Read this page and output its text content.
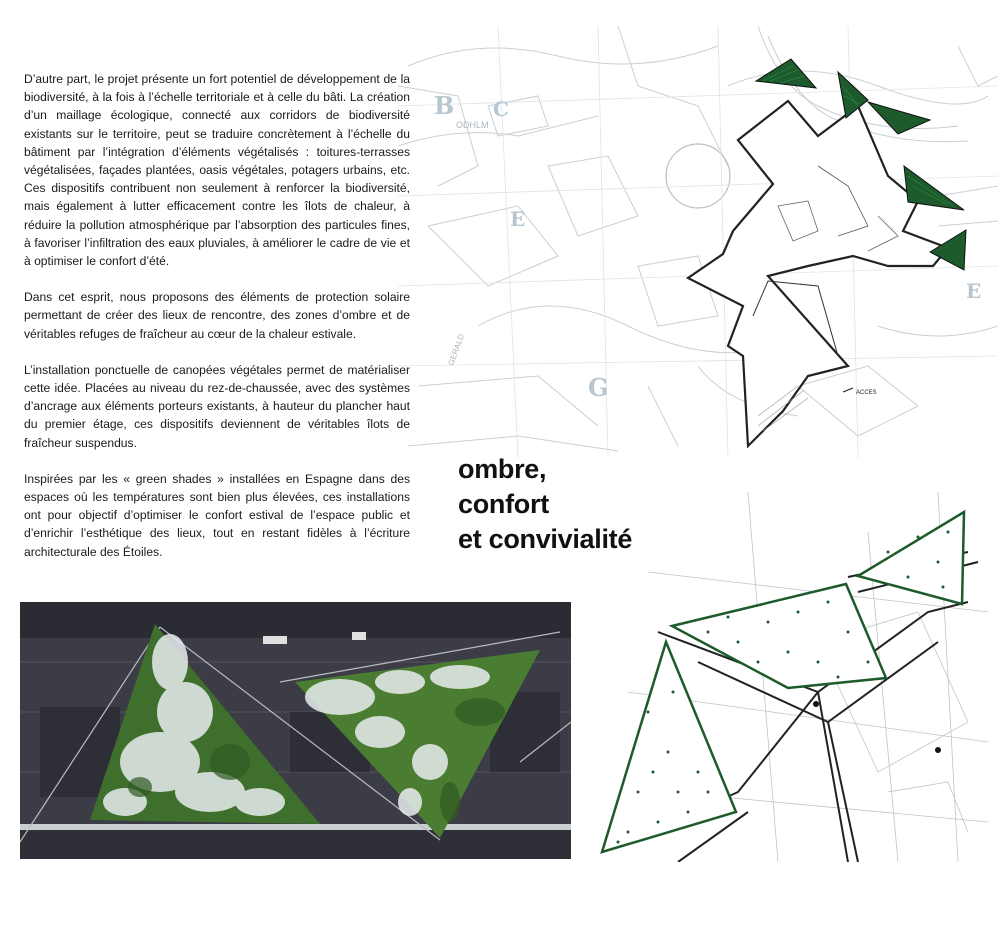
D’autre part, le projet présente un fort potentiel de développement de la biodiversité, à la fois à l’échelle territoriale et à celle du bâti. La création d’un maillage écologique, connecté aux corridors de biodiversité existants sur le territoire, peut se traduire concrètement à l’échelle du bâtiment par l’intégration d’éléments végétalisés : toitures-terrasses végétalisées, façades plantées, oasis végétales, potagers urbains, etc. Ces dispositifs contribuent non seulement à renforcer la biodiversité, mais également à lutter efficacement contre les îlots de chaleur, à réduire la pollution atmosphérique par l’absorption des particules fines, à favoriser l’infiltration des eaux pluviales, à améliorer le cadre de vie et à optimiser le confort d’été.

Dans cet esprit, nous proposons des éléments de protection solaire permettant de créer des lieux de rencontre, des zones d’ombre et de véritables refuges de fraîcheur au cœur de la chaleur estivale.

L’installation ponctuelle de canopées végétales permet de matérialiser cette idée. Placées au niveau du rez-de-chaussée, avec des systèmes d’ancrage aux éléments porteurs existants, à hauteur du plancher haut du premier étage, ces dispositifs deviennent de véritables îlots de fraîcheur suspendus.

Inspirées par les « green shades » installées en Espagne dans des espaces où les températures sont bien plus élevées, ces installations ont pour objectif d’optimiser le confort estival de l’espace public et d’enrichir l’esthétique des lieux, tout en restant fidèles à l’écriture architecturale des Étoiles.

B C
E
E
G
ODHLM
GERALD
ACCES
ombre,
confort
et convivialité
